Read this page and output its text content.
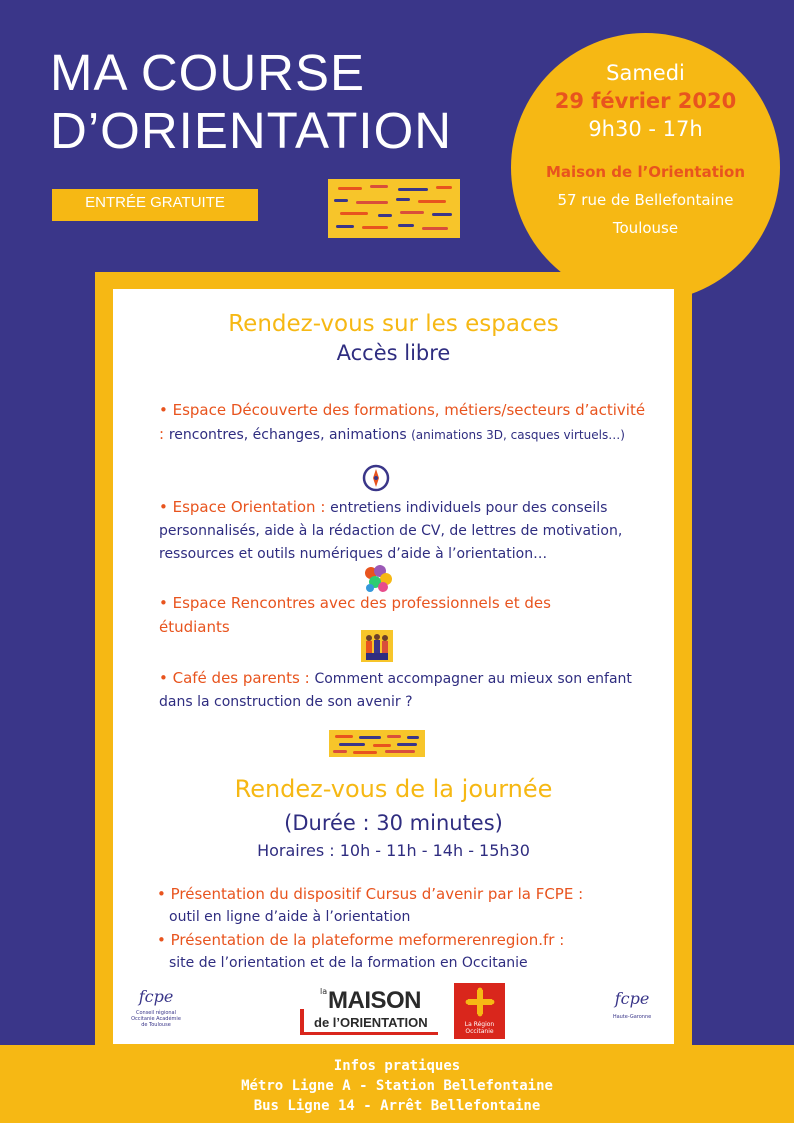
MA COURSE
D’ORIENTATION
ENTRÉE GRATUITE
Samedi
29 février 2020
9h30 - 17h
Maison de l’Orientation
57 rue de Bellefontaine
Toulouse
Rendez-vous sur les espaces
Accès libre
• Espace Découverte des formations, métiers/secteurs d’activité : rencontres, échanges, animations (animations 3D, casques virtuels…)
• Espace Orientation : entretiens individuels pour des conseils personnalisés, aide à la rédaction de CV, de lettres de motivation, ressources et outils numériques d’aide à l’orientation…
• Espace Rencontres avec des professionnels et des étudiants
• Café des parents : Comment accompagner au mieux son enfant dans la construction de son avenir ?
Rendez-vous de la journée
(Durée : 30 minutes)
Horaires : 10h - 11h - 14h - 15h30
• Présentation du dispositif Cursus d’avenir par la FCPE :
outil en ligne d’aide à l’orientation
• Présentation de la plateforme meformerenregion.fr :
site de l’orientation et de la formation en Occitanie
fcpe
Conseil régional Occitanie Académie de Toulouse
la MAISON
de l’ORIENTATION	La Région Occitanie
fcpe
Haute-Garonne
Infos pratiques
Métro Ligne A - Station Bellefontaine
Bus Ligne 14 - Arrêt Bellefontaine
